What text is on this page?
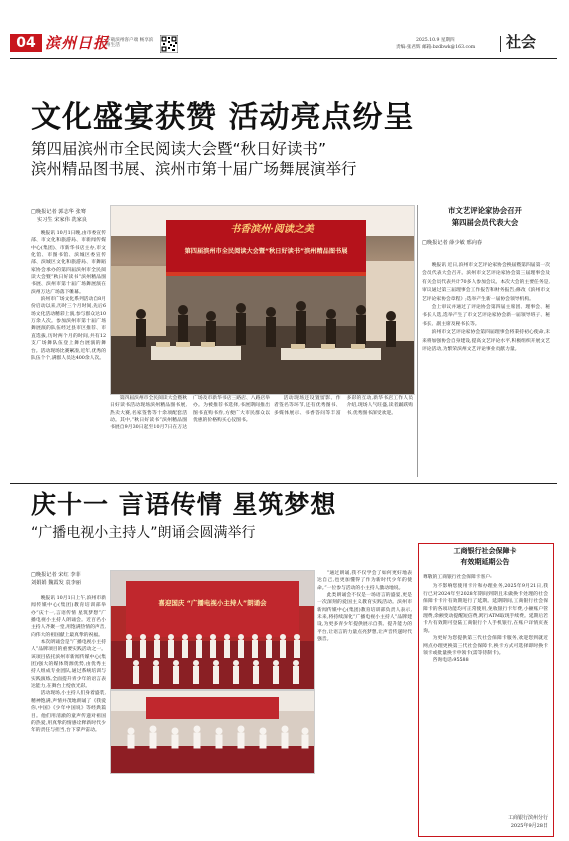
04 滨州日报
下载滨州客户端 畅享滨州生活
2025.10.9 星期四
责编:张君辉 邮箱:bzdbwk@163.com	社会
文化盛宴获赞 活动亮点纷呈
第四届滨州市全民阅读大会暨“秋日好读书”
滨州精品图书展、滨州市第十届广场舞展演举行
□晚报记者 郭志华 张骞
实习生 宋家伟 冼家良
书香滨州·阅读之美
第四届滨州市全民阅读大会暨“秋日好读书”滨州精品图书展

晚报讯 10月1日晚,由市委宣传部、市文化和旅游局、市新闻传媒中心(集团)、市新华书店主办,市文化馆、市图书馆、滨城区委宣传部、滨城区文化和旅游局、市舞蹈家协会承办的第四届滨州市全民阅读大会暨“秋日好读书”滨州精品图书展、滨州市第十届广场舞展演在滨州万达广场落下帷幕。

滨州市广场文化系列活动自8月份启动以来,历时三个月时间,先后6场文化活动精彩上演,参与群众达10万余人次。参加滨州市第十届广场舞展演的队伍经过县市区推荐、市直选拔,历时两个月的时间,共有12支广场舞队伍登上舞台展演的舞台。活动现场比赛紧凑,近年,优秀的队伍个个,满群人员达400余人次。

第四届滨州市全民阅读大会暨秋日好读书活动现场滨州精品图书展,热卖大赛,名家签售等十余项配套活动。其中,“秋日好读书”滨州精品图书展自9月30日起至10月7日在万达广场及市新华书店三路店、八路店举办。为被推荐书选择,书展期间推出图书直购书券,方便广大市民群众以优惠的价格购买心仪图书。

活动现场还设置留影、作者签名等环节,还有优秀图书、多媒体展示、书香答问等丰富多彩的互动,新华书店工作人员介绍,现场人气旺盛,读者踊跃购书,优秀图书深受欢迎。

市文艺评论家协会召开
第四届会员代表大会
□晚报记者 薛少敏 邢向春

晚报讯 近日,滨州市文艺评论家协会换届暨第四届第一次会员代表大会召开。滨州市文艺评论家协会第三届理事会及有关会员代表共计70多人参加会议。本次大会的主要任务是,审议通过第三届理事会工作报告和财务报告;修改《滨州市文艺评论家协会章程》;选举产生新一届协会领导机构。

会上审议并通过了评论协会第四届主席团、理事会、秘书长人选,选举产生了市文艺评论家协会新一届领导班子、秘书长、副主席及秘书长等。

滨州市文艺评论家协会第四届理事会将秉持初心使命,未来将加强协会自身建设,提高文艺评论水平,积极组织开展文艺评论活动,为繁荣滨州文艺评论事业贡献力量。

庆十一 言语传情 星筑梦想
“广播电视小主持人”朗诵会圆满举行
□晚报记者 宋红 李菲
刘娟娟 魏霞发 袁李丽
喜迎国庆 “广播电视小主持人”朗诵会

晚报讯 10月1日上午,滨州市新闻传媒中心(集团)教育培训部举办“庆十一,言语传情 星筑梦想”广播电视小主持人朗诵会。近百名小主持人齐聚一堂,用饱满热情的声音,向伟大的祖国献上最真挚的祝福。

本次朗诵会是“广播电视小主持人”品牌项目的重要实践活动之一。该项目依托滨州市新闻传媒中心(集团)强大的媒体资源优势,由优秀主持人组成专业团队,通过系统培训与实践演练,全面提升青少年的语言表达能力,在舞台上绽放光彩。

活动现场,小主持人们身着盛装,精神饱满,声情并茂地朗诵了《我爱你,中国》《少年中国说》等经典篇目。他们用清澈的童声传递对祖国的热爱,用真挚的情感诠释新时代少年的责任与担当,台下掌声雷动。

“通过朗诵,我不仅学会了如何更好地表达自己,也更加懂得了作为新时代少年的使命。”一位参与活动的小主持人激动地说。

此类朗诵会不仅是一场语言的盛宴,更是一次深刻的爱国主义教育实践活动。滨州市新闻传媒中心(集团)教育培训部负责人表示,未来,将持续深化“广播电视小主持人”品牌建设,为更多青少年提供展示自我、提升能力的平台,让语言的力量点亮梦想,让声音传递时代强音。

工商银行社会保障卡
有效期延期公告

尊敬的工商银行社会保障卡客户:

为不影响您使用卡片和办理业务,2025年9月21日,我行已对2024年至2028年期间到期且未做换卡处理的社会保障卡卡片有效期进行了延期。延期期间,工商银行社会保障卡的各项功能均可正常使用,免收银行卡年费,小额账户管理费,余额变动提醒短信费,跨行ATM取现手续费。延期后若卡片有效期可登陆工商银行个人手机银行,在账户详情页查询。

为更好为您提供第三代社会保障卡服务,欢迎您到就近网点办理更换第三代社会保障卡,换卡方式可选择即时换卡领卡或批量换卡申领卡(需等待制卡)。

咨询电话:95588

工商银行滨州分行
2025年9月28日
